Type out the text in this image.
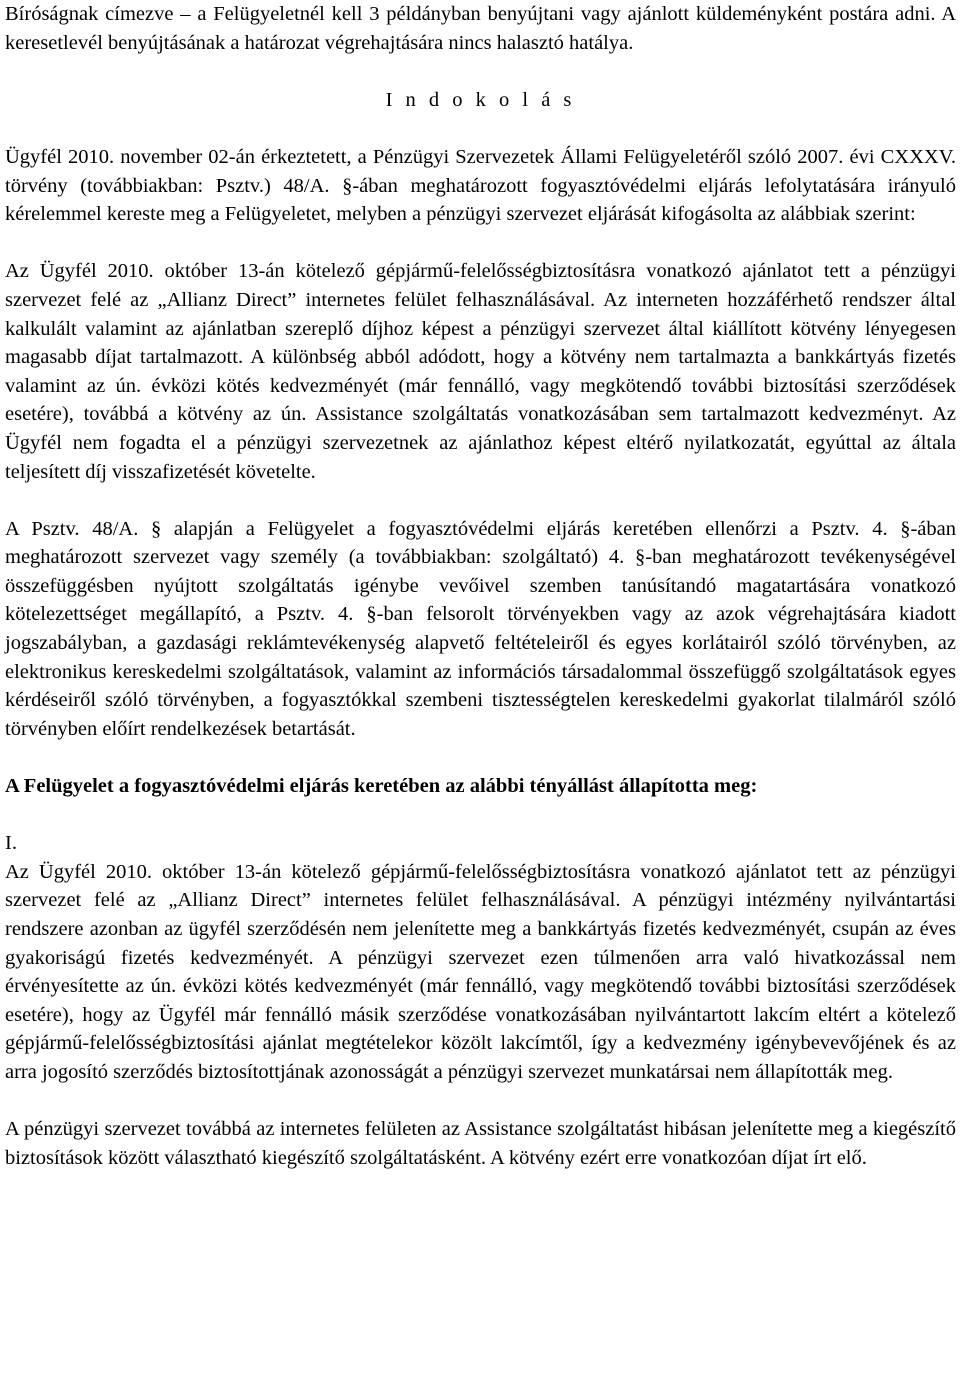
Bíróságnak címezve – a Felügyeletnél kell 3 példányban benyújtani vagy ajánlott küldeményként postára adni. A keresetlevél benyújtásának a határozat végrehajtására nincs halasztó hatálya.

I n d o k o l á s

Ügyfél 2010. november 02-án érkeztetett, a Pénzügyi Szervezetek Állami Felügyeletéről szóló 2007. évi CXXXV. törvény (továbbiakban: Psztv.) 48/A. §-ában meghatározott fogyasztóvédelmi eljárás lefolytatására irányuló kérelemmel kereste meg a Felügyeletet, melyben a pénzügyi szervezet eljárását kifogásolta az alábbiak szerint:

Az Ügyfél 2010. október 13-án kötelező gépjármű-felelősségbiztosításra vonatkozó ajánlatot tett a pénzügyi szervezet felé az „Allianz Direct” internetes felület felhasználásával. Az interneten hozzáférhető rendszer által kalkulált valamint az ajánlatban szereplő díjhoz képest a pénzügyi szervezet által kiállított kötvény lényegesen magasabb díjat tartalmazott. A különbség abból adódott, hogy a kötvény nem tartalmazta a bankkártyás fizetés valamint az ún. évközi kötés kedvezményét (már fennálló, vagy megkötendő további biztosítási szerződések esetére), továbbá a kötvény az ún. Assistance szolgáltatás vonatkozásában sem tartalmazott kedvezményt. Az Ügyfél nem fogadta el a pénzügyi szervezetnek az ajánlathoz képest eltérő nyilatkozatát, egyúttal az általa teljesített díj visszafizetését követelte.

A Psztv. 48/A. § alapján a Felügyelet a fogyasztóvédelmi eljárás keretében ellenőrzi a Psztv. 4. §-ában meghatározott szervezet vagy személy (a továbbiakban: szolgáltató) 4. §-ban meghatározott tevékenységével összefüggésben nyújtott szolgáltatás igénybe vevőivel szemben tanúsítandó magatartására vonatkozó kötelezettséget megállapító, a Psztv. 4. §-ban felsorolt törvényekben vagy az azok végrehajtására kiadott jogszabályban, a gazdasági reklámtevékenység alapvető feltételeiről és egyes korlátairól szóló törvényben, az elektronikus kereskedelmi szolgáltatások, valamint az információs társadalommal összefüggő szolgáltatások egyes kérdéseiről szóló törvényben, a fogyasztókkal szembeni tisztességtelen kereskedelmi gyakorlat tilalmáról szóló törvényben előírt rendelkezések betartását.

A Felügyelet a fogyasztóvédelmi eljárás keretében az alábbi tényállást állapította meg:

I.

Az Ügyfél 2010. október 13-án kötelező gépjármű-felelősségbiztosításra vonatkozó ajánlatot tett az pénzügyi szervezet felé az „Allianz Direct” internetes felület felhasználásával. A pénzügyi intézmény nyilvántartási rendszere azonban az ügyfél szerződésén nem jelenítette meg a bankkártyás fizetés kedvezményét, csupán az éves gyakoriságú fizetés kedvezményét. A pénzügyi szervezet ezen túlmenően arra való hivatkozással nem érvényesítette az ún. évközi kötés kedvezményét (már fennálló, vagy megkötendő további biztosítási szerződések esetére), hogy az Ügyfél már fennálló másik szerződése vonatkozásában nyilvántartott lakcím eltért a kötelező gépjármű-felelősségbiztosítási ajánlat megtételekor közölt lakcímtől, így a kedvezmény igénybevevőjének és az arra jogosító szerződés biztosítottjának azonosságát a pénzügyi szervezet munkatársai nem állapították meg.

A pénzügyi szervezet továbbá az internetes felületen az Assistance szolgáltatást hibásan jelenítette meg a kiegészítő biztosítások között választható kiegészítő szolgáltatásként. A kötvény ezért erre vonatkozóan díjat írt elő.
